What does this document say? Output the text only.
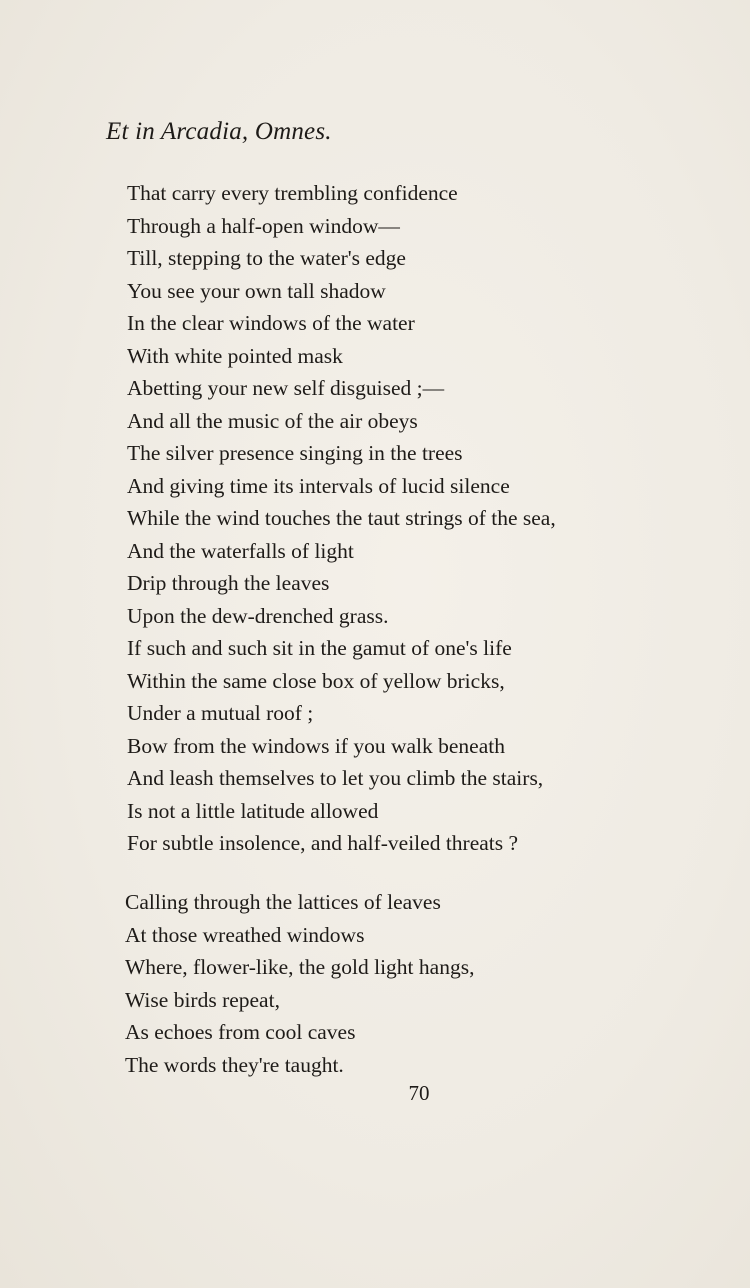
Et in Arcadia, Omnes.
That carry every trembling confidence
Through a half-open window—
Till, stepping to the water's edge
You see your own tall shadow
In the clear windows of the water
With white pointed mask
Abetting your new self disguised ;—
And all the music of the air obeys
The silver presence singing in the trees
And giving time its intervals of lucid silence
While the wind touches the taut strings of the sea,
And the waterfalls of light
Drip through the leaves
Upon the dew-drenched grass.
If such and such sit in the gamut of one's life
Within the same close box of yellow bricks,
Under a mutual roof ;
Bow from the windows if you walk beneath
And leash themselves to let you climb the stairs,
Is not a little latitude allowed
For subtle insolence, and half-veiled threats ?
Calling through the lattices of leaves
At those wreathed windows
Where, flower-like, the gold light hangs,
Wise birds repeat,
As echoes from cool caves
The words they're taught.
70
